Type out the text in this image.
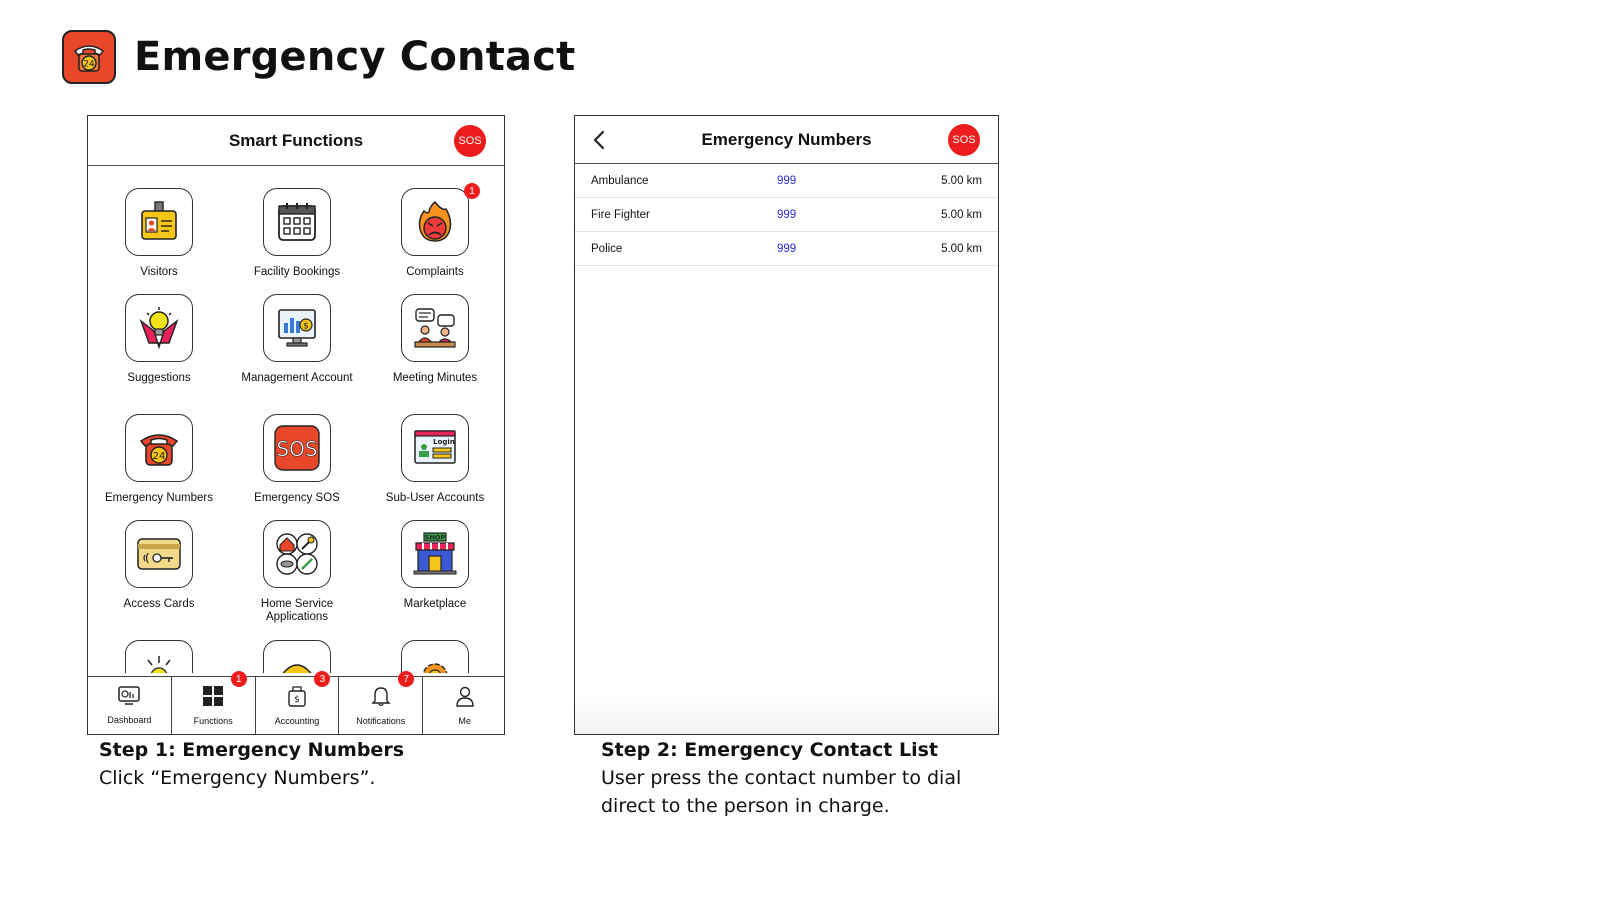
24 Emergency Contact
Smart Functions	SOS
Visitors	Facility Bookings
1
Complaints
Suggestions
$
Management Account	Meeting Minutes
24
Emergency Numbers
SOS
Emergency SOS
Login
Sub-User Accounts
Access Cards	Home Service Applications
SHOP
Marketplace
Dashboard	Functions
1
$
Accounting
3
Notifications
7
Me
Emergency Numbers	SOS
Ambulance	999	5.00 km
Fire Fighter	999	5.00 km
Police	999	5.00 km
Step 1: Emergency Numbers
Click “Emergency Numbers”.
Step 2: Emergency Contact List
User press the contact number to dial direct to the person in charge.
